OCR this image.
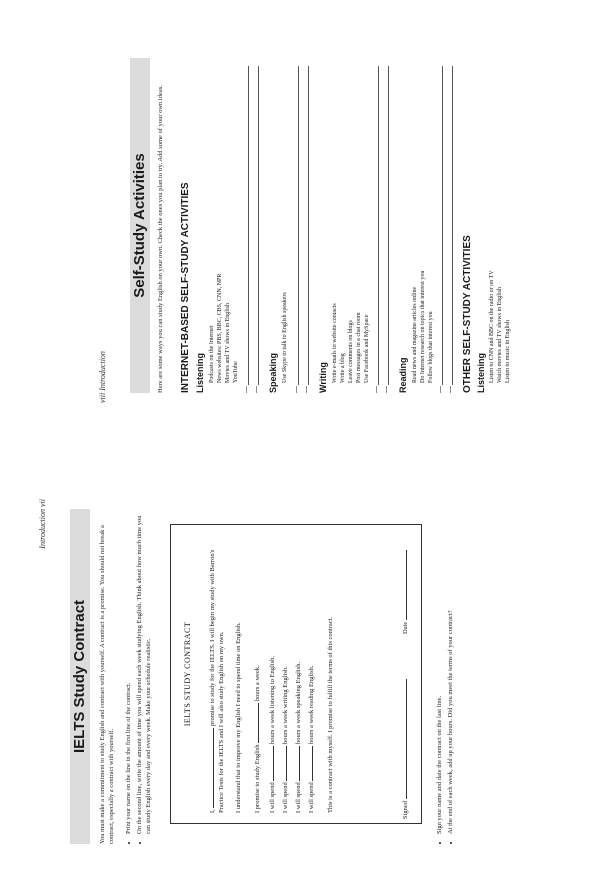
Introduction vii
IELTS Study Contract	You must make a commitment to study English and contract with yourself. A contract is a promise. You should not break a contract, especially a contract with yourself. • Print your name on the line in the first line of the contract. • On the second line, write the amount of time you will spend each week studying English. Think about how much time you can study English every day and every week. Make your schedule realistic.	IELTS STUDY CONTRACT
I,  promise to study for the IELTS. I will begin my study with Barron's Practice Tests for the IELTS and I will also study English on my own. I understand that to improve my English I need to spend time on English. I promise to study English  hours a week.
I will spend  hours a week listening to English.
I will spend  hours a week writing English.
I will spend  hours a week speaking English.
I will spend  hours a week reading English. This is a contract with myself. I promise to fulfill the terms of this contract.	Signed
Date
• Sign your name and date the contract on the last line. • At the end of each week, add up your hours. Did you meet the terms of your contract?
viii Introduction
Self-Study Activities	Here are some ways you can study English on your own. Check the ones you plan to try. Add some of your own ideas. INTERNET-BASED SELF-STUDY ACTIVITIES Listening Podcasts on the Internet News websites: PBS, BBC, CBS, CNN, NPR Movies and TV shows in English YouTube — —	Speaking Use Skype to talk to English speakers — —	Writing Write e-mails to website contacts Write a blog Leave comments on blogs Post messages in a chat room Use Facebook and MySpace — —	Reading Read news and magazine articles online Do Internet research on topics that interest you Follow blogs that interest you — —	OTHER SELF-STUDY ACTIVITIES Listening Listen to CNN and BBC on the radio or on TV Watch movies and TV shows in English Listen to music in English
